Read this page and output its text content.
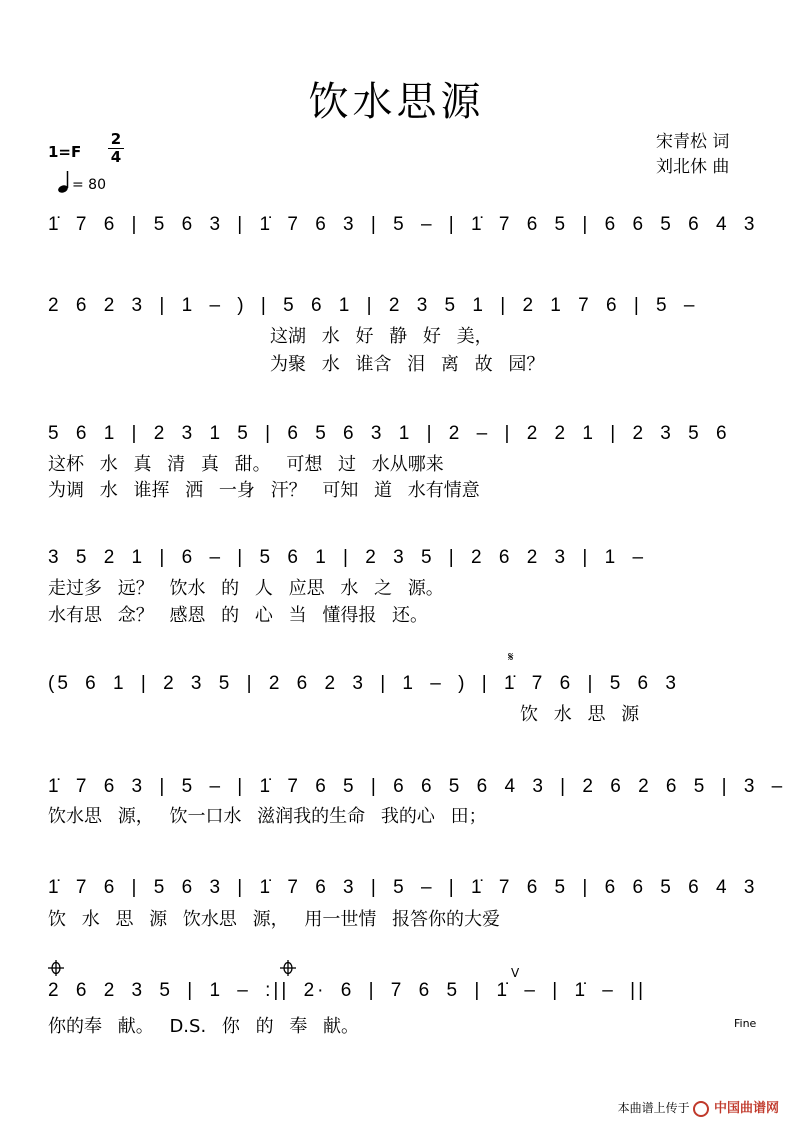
饮水思源
宋青松 词
刘北休 曲
1=F
2
4
= 80
1̇ 7 6 | 5 6 3 | 1̇ 7 6 3 | 5 – | 1̇ 7 6 5 | 6 6 5 6 4 3
2 6 2 3 | 1 – ) | 5 6 1 | 2 3 5 1 | 2 1 7 6 | 5 –
这湖 水 好 静 好 美，
为聚 水 谁含 泪 离 故 园？
5 6 1 | 2 3 1 5 | 6 5 6 3 1 | 2 – | 2 2 1 | 2 3 5 6
这杯 水 真 清 真 甜。 可想 过 水从哪来
为调 水 谁挥 洒 一身 汗？ 可知 道 水有情意
3 5 2 1 | 6 – | 5 6 1 | 2 3 5 | 2 6 2 3 | 1 –
走过多 远？ 饮水 的 人 应思 水 之 源。
水有思 念？ 感恩 的 心 当 懂得报 还。
(5 6 1 | 2 3 5 | 2 6 2 3 | 1 – ) | 1̇ 7 6 | 5 6 3
饮 水 思 源
1̇ 7 6 3 | 5 – | 1̇ 7 6 5 | 6 6 5 6 4 3 | 2 6 2 6 5 | 3 –
饮水思 源， 饮一口水 滋润我的生命 我的心 田；
1̇ 7 6 | 5 6 3 | 1̇ 7 6 3 | 5 – | 1̇ 7 6 5 | 6 6 5 6 4 3
饮 水 思 源 饮水思 源， 用一世情 报答你的大爱
2 6 2 3 5 | 1 – :|| 2· 6 | 7 6 5 | 1̇ – | 1̇ – ||
你的奉 献。 D.S. 你 的 奉 献。
𝄋
V
Fine
本曲谱上传于 中国曲谱网
